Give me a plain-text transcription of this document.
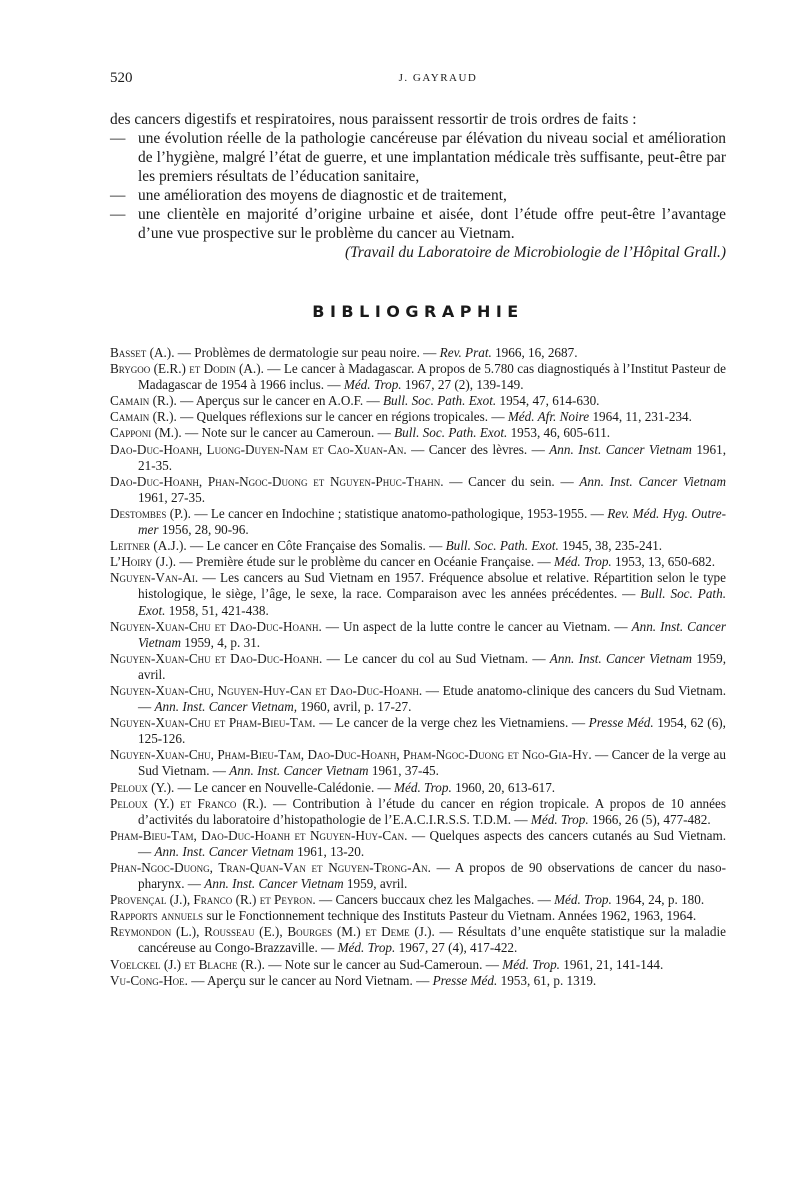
520	J. GAYRAUD

des cancers digestifs et respiratoires, nous paraissent ressortir de trois ordres de faits :

— une évolution réelle de la pathologie cancéreuse par élévation du niveau social et amélioration de l’hygiène, malgré l’état de guerre, et une implantation médicale très suffisante, peut-être par les premiers résultats de l’éducation sanitaire,
— une amélioration des moyens de diagnostic et de traitement,
— une clientèle en majorité d’origine urbaine et aisée, dont l’étude offre peut-être l’avantage d’une vue prospective sur le problème du cancer au Vietnam.

(Travail du Laboratoire de Microbiologie de l’Hôpital Grall.)

BIBLIOGRAPHIE

Basset (A.). — Problèmes de dermatologie sur peau noire. — Rev. Prat. 1966, 16, 2687.

Brygoo (E.R.) et Dodin (A.). — Le cancer à Madagascar. A propos de 5.780 cas diagnostiqués à l’Institut Pasteur de Madagascar de 1954 à 1966 inclus. — Méd. Trop. 1967, 27 (2), 139-149.

Camain (R.). — Aperçus sur le cancer en A.O.F. — Bull. Soc. Path. Exot. 1954, 47, 614-630.

Camain (R.). — Quelques réflexions sur le cancer en régions tropicales. — Méd. Afr. Noire 1964, 11, 231-234.

Capponi (M.). — Note sur le cancer au Cameroun. — Bull. Soc. Path. Exot. 1953, 46, 605-611.

Dao-Duc-Hoanh, Luong-Duyen-Nam et Cao-Xuan-An. — Cancer des lèvres. — Ann. Inst. Cancer Vietnam 1961, 21-35.

Dao-Duc-Hoanh, Phan-Ngoc-Duong et Nguyen-Phuc-Thahn. — Cancer du sein. — Ann. Inst. Cancer Vietnam 1961, 27-35.

Destombes (P.). — Le cancer en Indochine ; statistique anatomo-pathologique, 1953-1955. — Rev. Méd. Hyg. Outre-mer 1956, 28, 90-96.

Leitner (A.J.). — Le cancer en Côte Française des Somalis. — Bull. Soc. Path. Exot. 1945, 38, 235-241.

L’Hoiry (J.). — Première étude sur le problème du cancer en Océanie Française. — Méd. Trop. 1953, 13, 650-682.

Nguyen-Van-Ai. — Les cancers au Sud Vietnam en 1957. Fréquence absolue et relative. Répartition selon le type histologique, le siège, l’âge, le sexe, la race. Comparaison avec les années précédentes. — Bull. Soc. Path. Exot. 1958, 51, 421-438.

Nguyen-Xuan-Chu et Dao-Duc-Hoanh. — Un aspect de la lutte contre le cancer au Vietnam. — Ann. Inst. Cancer Vietnam 1959, 4, p. 31.

Nguyen-Xuan-Chu et Dao-Duc-Hoanh. — Le cancer du col au Sud Vietnam. — Ann. Inst. Cancer Vietnam 1959, avril.

Nguyen-Xuan-Chu, Nguyen-Huy-Can et Dao-Duc-Hoanh. — Etude anatomo-clinique des cancers du Sud Vietnam. — Ann. Inst. Cancer Vietnam, 1960, avril, p. 17-27.

Nguyen-Xuan-Chu et Pham-Bieu-Tam. — Le cancer de la verge chez les Vietnamiens. — Presse Méd. 1954, 62 (6), 125-126.

Nguyen-Xuan-Chu, Pham-Bieu-Tam, Dao-Duc-Hoanh, Pham-Ngoc-Duong et Ngo-Gia-Hy. — Cancer de la verge au Sud Vietnam. — Ann. Inst. Cancer Vietnam 1961, 37-45.

Peloux (Y.). — Le cancer en Nouvelle-Calédonie. — Méd. Trop. 1960, 20, 613-617.

Peloux (Y.) et Franco (R.). — Contribution à l’étude du cancer en région tropicale. A propos de 10 années d’activités du laboratoire d’histopathologie de l’E.A.C.I.R.S.S. T.D.M. — Méd. Trop. 1966, 26 (5), 477-482.

Pham-Bieu-Tam, Dao-Duc-Hoanh et Nguyen-Huy-Can. — Quelques aspects des cancers cutanés au Sud Vietnam. — Ann. Inst. Cancer Vietnam 1961, 13-20.

Phan-Ngoc-Duong, Tran-Quan-Van et Nguyen-Trong-An. — A propos de 90 observations de cancer du naso-pharynx. — Ann. Inst. Cancer Vietnam 1959, avril.

Provençal (J.), Franco (R.) et Peyron. — Cancers buccaux chez les Malgaches. — Méd. Trop. 1964, 24, p. 180.

Rapports annuels sur le Fonctionnement technique des Instituts Pasteur du Vietnam. Années 1962, 1963, 1964.

Reymondon (L.), Rousseau (E.), Bourges (M.) et Deme (J.). — Résultats d’une enquête statistique sur la maladie cancéreuse au Congo-Brazzaville. — Méd. Trop. 1967, 27 (4), 417-422.

Voelckel (J.) et Blache (R.). — Note sur le cancer au Sud-Cameroun. — Méd. Trop. 1961, 21, 141-144.

Vu-Cong-Hoe. — Aperçu sur le cancer au Nord Vietnam. — Presse Méd. 1953, 61, p. 1319.
